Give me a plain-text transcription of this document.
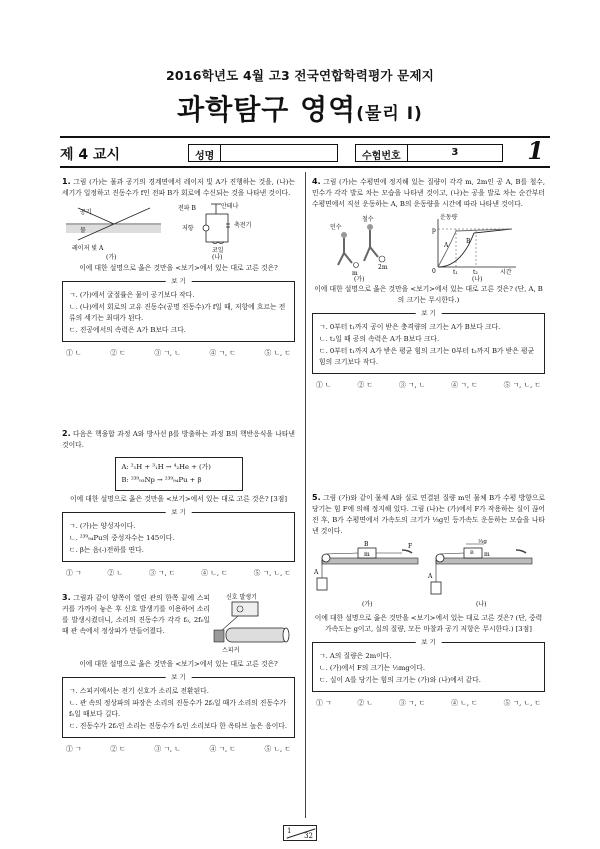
2016학년도 4월 고3 전국연합학력평가 문제지
과학탐구 영역(물리 I)
제 4 교시	성명	수험번호	3	1
1. 그림 (가)는 물과 공기의 경계면에서 레이저 빛 A가 진행하는 것을, (나)는 세기가 일정하고 진동수가 f인 전파 B가 회로에 수신되는 것을 나타낸 것이다.
공기
물
레이저 빛 A
(가)
안테나
전파 B
저항	축전기
코일
(나)
이에 대한 설명으로 옳은 것만을 <보기>에서 있는 대로 고른 것은?
보 기
ㄱ. (가)에서 굴절률은 물이 공기보다 작다.
ㄴ. (나)에서 회로의 고유 진동수(공명 진동수)가 f일 때, 저항에 흐르는 전류의 세기는 최대가 된다.
ㄷ. 진공에서의 속력은 A가 B보다 크다.
① ㄴ	② ㄷ	③ ㄱ, ㄴ	④ ㄱ, ㄷ	⑤ ㄴ, ㄷ
2. 다음은 핵융합 과정 A와 방사선 β를 방출하는 과정 B의 핵반응식을 나타낸 것이다.
A: ²₁H + ³₁H → ⁴₂He + (가)
B: ²³⁹₉₃Np → ²³⁹₉₄Pu + β
이에 대한 설명으로 옳은 것만을 <보기>에서 있는 대로 고른 것은? [3점]
보 기
ㄱ. (가)는 양성자이다.
ㄴ. ²³⁹₉₄Pu의 중성자수는 145이다.
ㄷ. β는 음(-)전하를 띤다.
① ㄱ	② ㄴ	③ ㄱ, ㄷ	④ ㄴ, ㄷ	⑤ ㄱ, ㄴ, ㄷ
3. 그림과 같이 양쪽이 열린 관의 한쪽 끝에 스피커를 가까이 놓은 후 신호 발생기를 이용하여 소리를 발생시켰더니, 소리의 진동수가 각각 f₀, 2f₀일 때 관 속에서 정상파가 만들어졌다.
신호 발생기
스피커
이에 대한 설명으로 옳은 것만을 <보기>에서 있는 대로 고른 것은?
보 기
ㄱ. 스피커에서는 전기 신호가 소리로 전환된다.
ㄴ. 관 속의 정상파의 파장은 소리의 진동수가 2f₀일 때가 소리의 진동수가 f₀일 때보다 길다.
ㄷ. 진동수가 2f₀인 소리는 진동수가 f₀인 소리보다 한 옥타브 높은 음이다.
① ㄱ	② ㄷ	③ ㄱ, ㄴ	④ ㄱ, ㄷ	⑤ ㄴ, ㄷ
4. 그림 (가)는 수평면에 정지해 있는 질량이 각각 m, 2m인 공 A, B를 철수, 민수가 각각 발로 차는 모습을 나타낸 것이고, (나)는 공을 발로 차는 순간부터 수평면에서 직선 운동하는 A, B의 운동량을 시간에 따라 나타낸 것이다.
철수
민수
m
2m
(가)
운동량
p
B
A
0	t₁	t₂	시간
(나)
이에 대한 설명으로 옳은 것만을 <보기>에서 있는 대로 고른 것은? (단, A, B의 크기는 무시한다.)
보 기
ㄱ. 0부터 t₁까지 공이 받은 충격량의 크기는 A가 B보다 크다.
ㄴ. t₂일 때 공의 속력은 A가 B보다 크다.
ㄷ. 0부터 t₁까지 A가 받은 평균 힘의 크기는 0부터 t₂까지 B가 받은 평균 힘의 크기보다 작다.
① ㄴ	② ㄷ	③ ㄱ, ㄴ	④ ㄱ, ㄷ	⑤ ㄱ, ㄴ, ㄷ
5. 그림 (가)와 같이 물체 A와 실로 연결된 질량 m인 물체 B가 수평 방향으로 당기는 힘 F에 의해 정지해 있다. 그림 (나)는 (가)에서 F가 작용하는 실이 끊어진 후, B가 수평면에서 가속도의 크기가 ⅓g인 등가속도 운동하는 모습을 나타낸 것이다.
B
m
F
A
(가)
⅓g
B m
A
(나)
이에 대한 설명으로 옳은 것만을 <보기>에서 있는 대로 고른 것은? (단, 중력 가속도는 g이고, 실의 질량, 모든 마찰과 공기 저항은 무시한다.) [3점]
보 기
ㄱ. A의 질량은 2m이다.
ㄴ. (가)에서 F의 크기는 ½mg이다.
ㄷ. 실이 A를 당기는 힘의 크기는 (가)와 (나)에서 같다.
① ㄱ	② ㄴ	③ ㄱ, ㄷ	④ ㄴ, ㄷ	⑤ ㄱ, ㄴ, ㄷ
1
32
